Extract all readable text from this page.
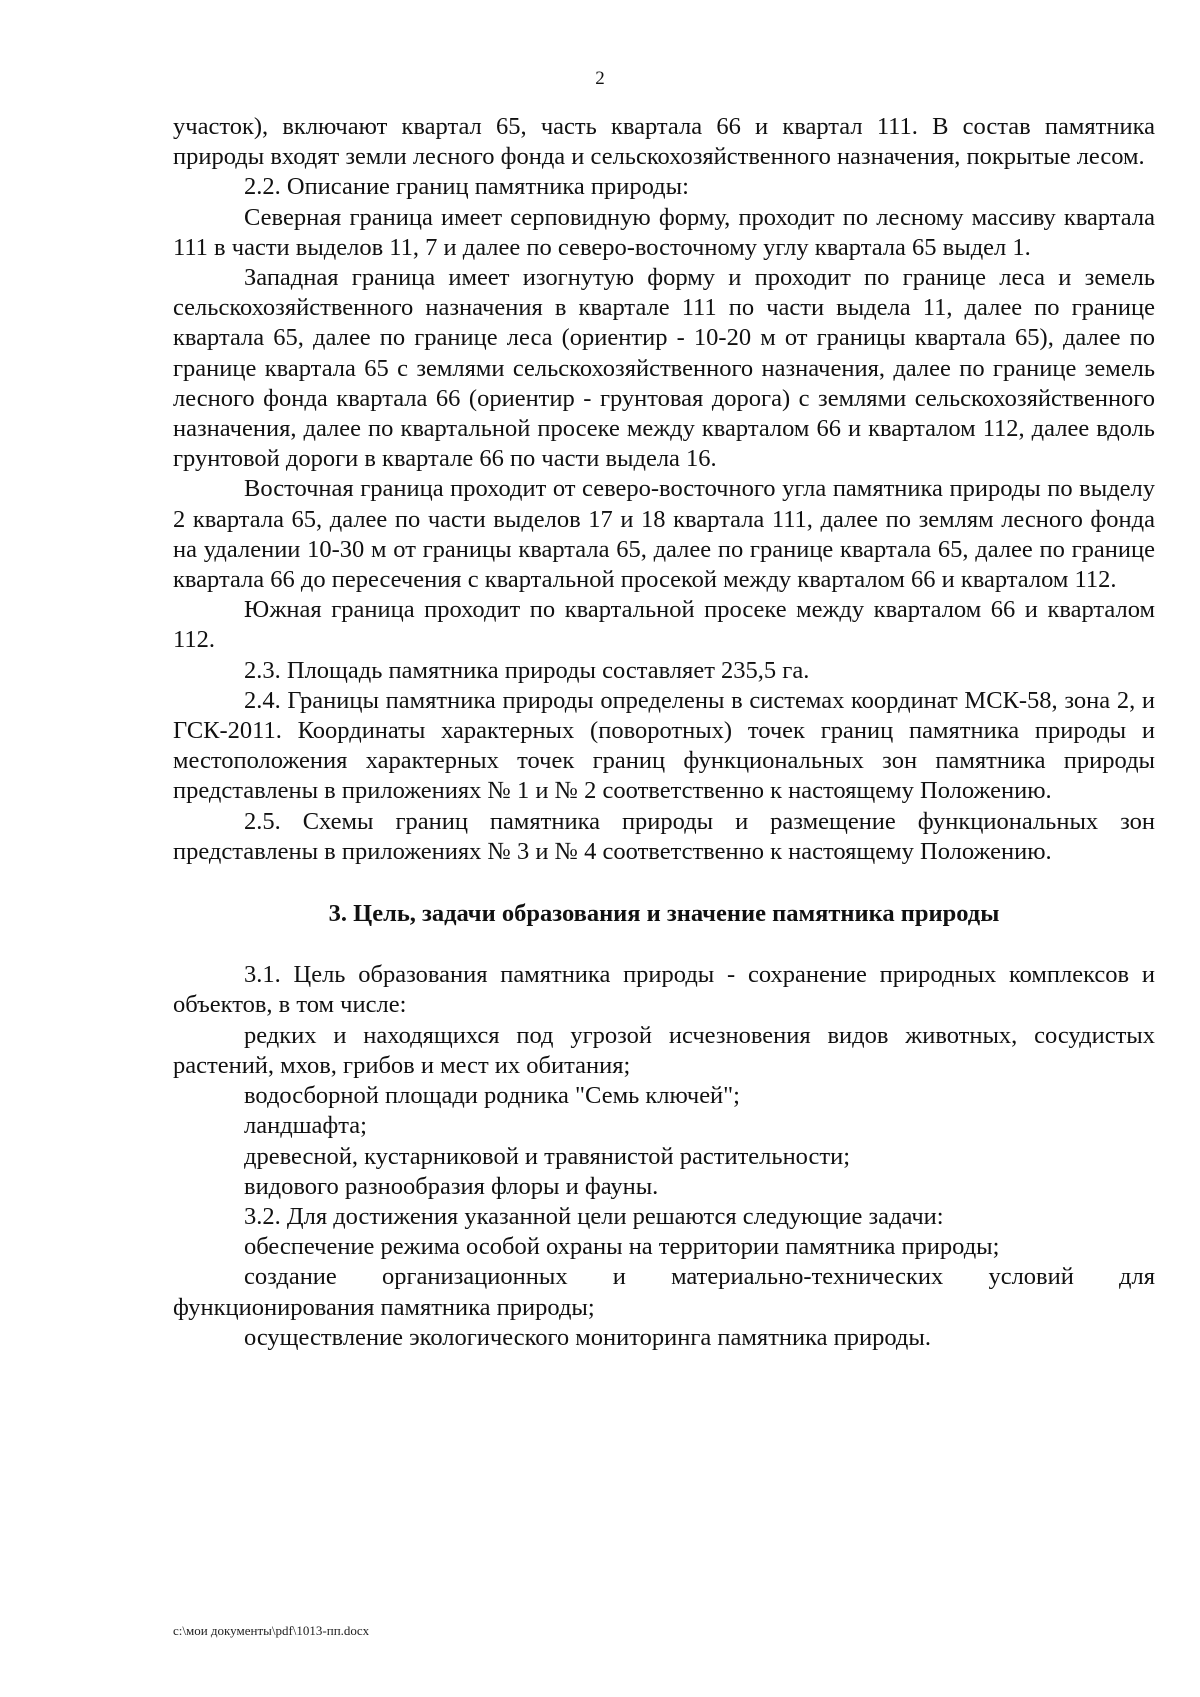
2

участок), включают квартал 65, часть квартала 66 и квартал 111. В состав памятника природы входят земли лесного фонда и сельскохозяйственного назначения, покрытые лесом.

2.2. Описание границ памятника природы:

Северная граница имеет серповидную форму, проходит по лесному массиву квартала 111 в части выделов 11, 7 и далее по северо-восточному углу квартала 65 выдел 1.

Западная граница имеет изогнутую форму и проходит по границе леса и земель сельскохозяйственного назначения в квартале 111 по части выдела 11, далее по границе квартала 65, далее по границе леса (ориентир - 10-20 м от границы квартала 65), далее по границе квартала 65 с землями сельскохозяйственного назначения, далее по границе земель лесного фонда квартала 66 (ориентир - грунтовая дорога) с землями сельскохозяйственного назначения, далее по квартальной просеке между кварталом 66 и кварталом 112, далее вдоль грунтовой дороги в квартале 66 по части выдела 16.

Восточная граница проходит от северо-восточного угла памятника природы по выделу 2 квартала 65, далее по части выделов 17 и 18 квартала 111, далее по землям лесного фонда на удалении 10-30 м от границы квартала 65, далее по границе квартала 65, далее по границе квартала 66 до пересечения с квартальной просекой между кварталом 66 и кварталом 112.

Южная граница проходит по квартальной просеке между кварталом 66 и кварталом 112.

2.3. Площадь памятника природы составляет 235,5 га.

2.4. Границы памятника природы определены в системах координат МСК-58, зона 2, и ГСК-2011. Координаты характерных (поворотных) точек границ памятника природы и местоположения характерных точек границ функциональных зон памятника природы представлены в приложениях № 1 и № 2 соответственно к настоящему Положению.

2.5. Схемы границ памятника природы и размещение функциональных зон представлены в приложениях № 3 и № 4 соответственно к настоящему Положению.

3. Цель, задачи образования и значение памятника природы

3.1. Цель образования памятника природы - сохранение природных комплексов и объектов, в том числе:

редких и находящихся под угрозой исчезновения видов животных, сосудистых растений, мхов, грибов и мест их обитания;

водосборной площади родника "Семь ключей";

ландшафта;

древесной, кустарниковой и травянистой растительности;

видового разнообразия флоры и фауны.

3.2. Для достижения указанной цели решаются следующие задачи:

обеспечение режима особой охраны на территории памятника природы;

создание организационных и материально-технических условий для функционирования памятника природы;

осуществление экологического мониторинга памятника природы.

c:\мои документы\pdf\1013-пп.docx
